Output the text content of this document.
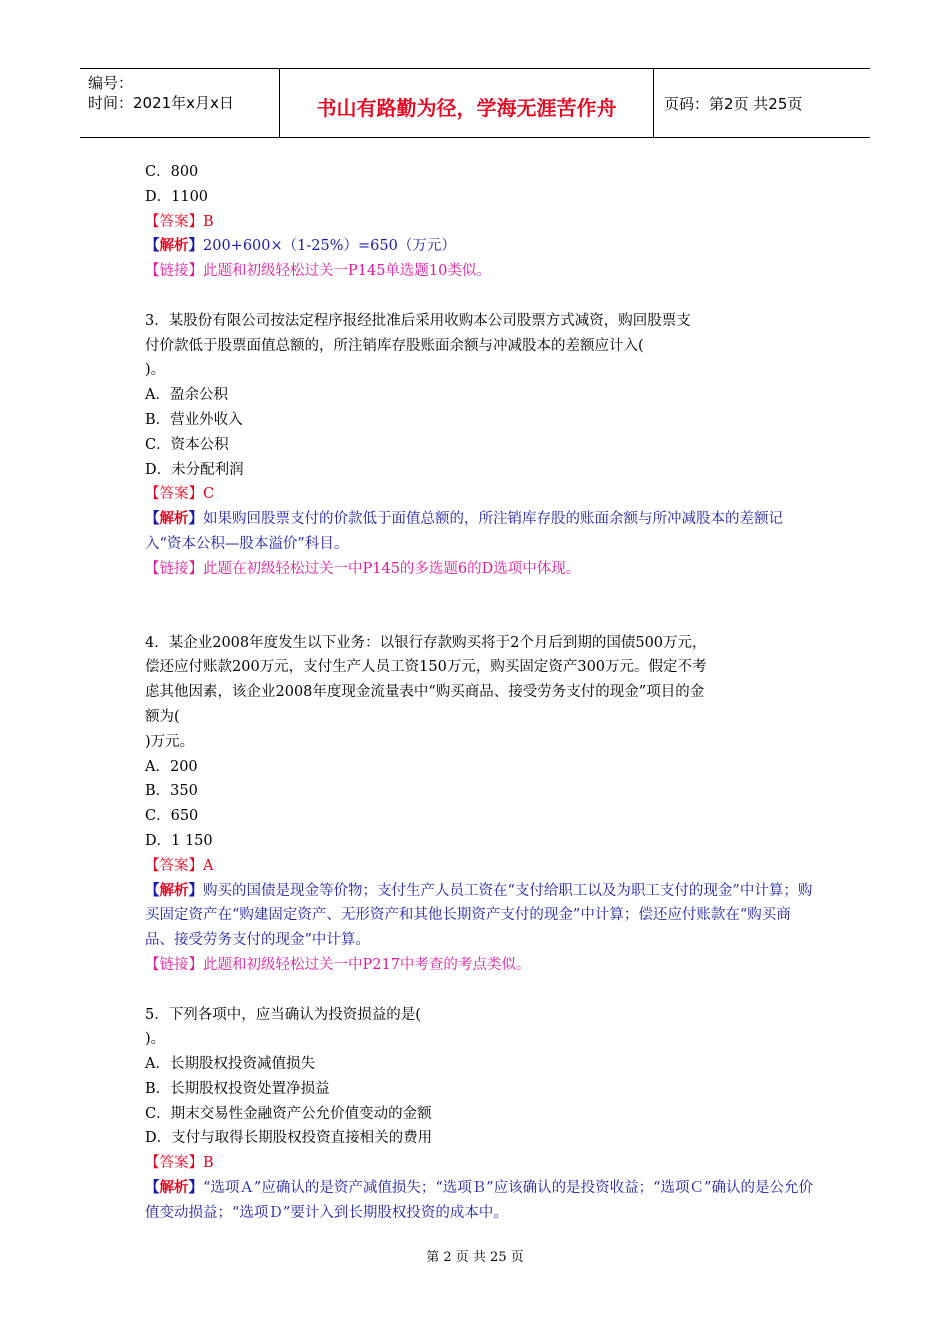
编号：
时间：2021年x月x日	书山有路勤为径，学海无涯苦作舟	页码：第2页 共25页
C．800
D．1100
【答案】B
【解析】200+600×（1-25%）=650（万元）
【链接】此题和初级轻松过关一P145单选题10类似。
3．某股份有限公司按法定程序报经批准后采用收购本公司股票方式减资，购回股票支
付价款低于股票面值总额的，所注销库存股账面余额与冲减股本的差额应计入(
)。
A．盈余公积
B．营业外收入
C．资本公积
D．未分配利润
【答案】C
【解析】如果购回股票支付的价款低于面值总额的，所注销库存股的账面余额与所冲减股本的差额记入“资本公积—股本溢价”科目。
【链接】此题在初级轻松过关一中P145的多选题6的D选项中体现。
4．某企业2008年度发生以下业务：以银行存款购买将于2个月后到期的国债500万元，
偿还应付账款200万元，支付生产人员工资150万元，购买固定资产300万元。假定不考
虑其他因素，该企业2008年度现金流量表中“购买商品、接受劳务支付的现金”项目的金
额为(
)万元。
A．200
B．350
C．650
D．1 150
【答案】A
【解析】购买的国债是现金等价物；支付生产人员工资在“支付给职工以及为职工支付的现金”中计算；购买固定资产在“购建固定资产、无形资产和其他长期资产支付的现金”中计算；偿还应付账款在“购买商品、接受劳务支付的现金”中计算。
【链接】此题和初级轻松过关一中P217中考查的考点类似。
5．下列各项中，应当确认为投资损益的是(
)。
A．长期股权投资减值损失
B．长期股权投资处置净损益
C．期末交易性金融资产公允价值变动的金额
D．支付与取得长期股权投资直接相关的费用
【答案】B
【解析】“选项Ａ”应确认的是资产减值损失；“选项Ｂ”应该确认的是投资收益；“选项Ｃ”确认的是公允价值变动损益；“选项Ｄ”要计入到长期股权投资的成本中。
第 2 页 共 25 页
